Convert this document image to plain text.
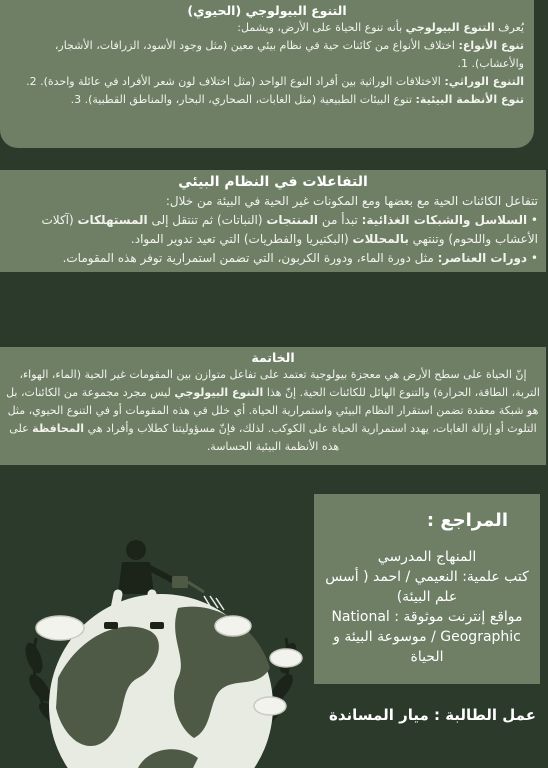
التنوع البيولوجي (الحيوي)
يُعرف التنوع البيولوجي بأنه تنوع الحياة على الأرض، ويشمل:
تنوع الأنواع: اختلاف الأنواع من كائنات حية في نظام بيئي معين (مثل وجود الأسود، الزرافات، الأشجار، والأعشاب). 1.
التنوع الوراثي: الاختلافات الوراثية بين أفراد النوع الواحد (مثل اختلاف لون شعر الأفراد في عائلة واحدة). 2.
تنوع الأنظمة البيئية: تنوع البيئات الطبيعية (مثل الغابات، الصحاري، البحار، والمناطق القطبية). 3.
التفاعلات في النظام البيئي
تتفاعل الكائنات الحية مع بعضها ومع المكونات غير الحية في البيئة من خلال:
• السلاسل والشبكات الغذائية: تبدأ من المنتجات (النباتات) ثم تنتقل إلى المستهلكات (آكلات الأعشاب واللحوم) وتنتهي بالمحللات (البكتيريا والفطريات) التي تعيد تدوير المواد.
• دورات العناصر: مثل دورة الماء، ودورة الكربون، التي تضمن استمرارية توفر هذه المقومات.
الخاتمة
إنّ الحياة على سطح الأرض هي معجزة بيولوجية تعتمد على تفاعل متوازن بين المقومات غير الحية (الماء، الهواء، التربة، الطاقة، الحرارة) والتنوع الهائل للكائنات الحية. إنّ هذا التنوع البيولوجي ليس مجرد مجموعة من الكائنات، بل هو شبكة معقدة تضمن استقرار النظام البيئي واستمرارية الحياة. أي خلل في هذه المقومات أو في التنوع الحيوي، مثل التلوث أو إزالة الغابات، يهدد استمرارية الحياة على الكوكب. لذلك، فإنّ مسؤوليتنا كطلاب وأفراد هي المحافظة على هذه الأنظمة البيئية الحساسة.
المراجع :
المنهاج المدرسي
كتب علمية: النعيمي / احمد ( أسس علم البيئة)
مواقع إنترنت موثوقة : National Geographic / موسوعة البيئة و الحياة
عمل الطالبة : ميار المساندة
